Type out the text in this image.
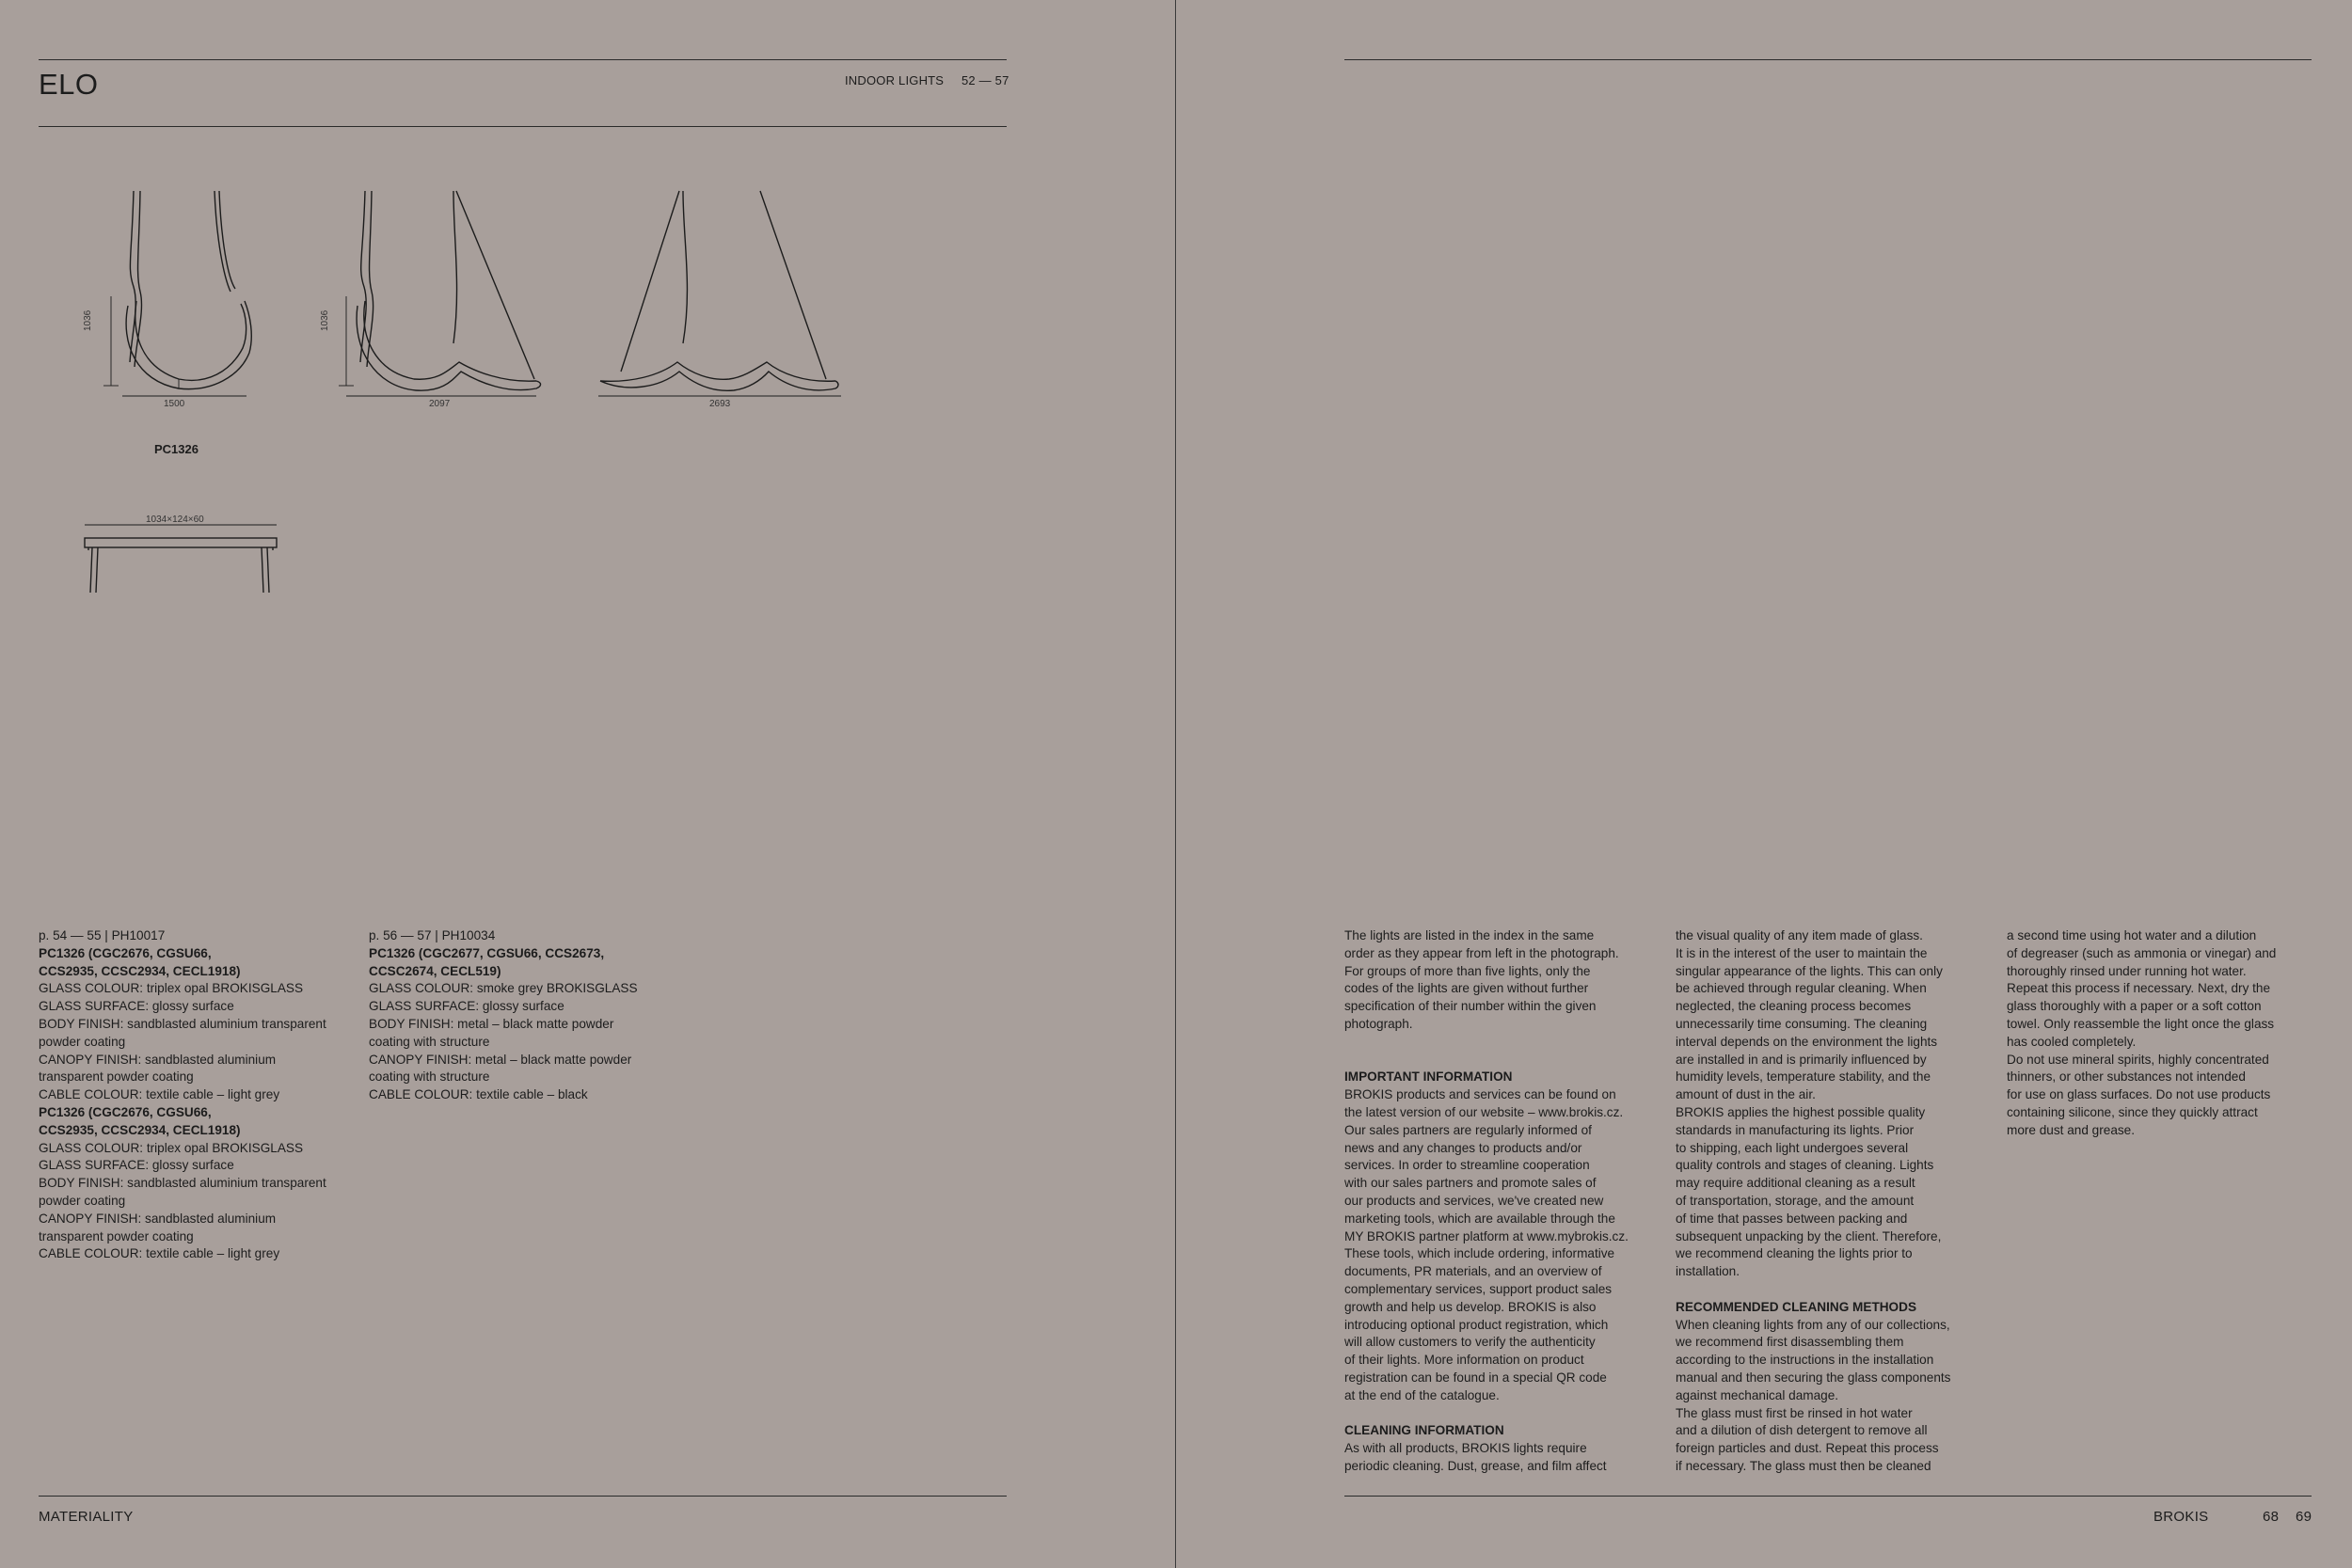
ELO	INDOOR LIGHTS 52 — 57
1036
1500
1036
2097	2693
PC1326
1034×124×60
p. 54 — 55 | PH10017
PC1326 (CGC2676, CGSU66,
CCS2935, CCSC2934, CECL1918)
GLASS COLOUR: triplex opal BROKISGLASS
GLASS SURFACE: glossy surface
BODY FINISH: sandblasted aluminium transparent
powder coating
CANOPY FINISH: sandblasted aluminium
transparent powder coating
CABLE COLOUR: textile cable – light grey
PC1326 (CGC2676, CGSU66,
CCS2935, CCSC2934, CECL1918)
GLASS COLOUR: triplex opal BROKISGLASS
GLASS SURFACE: glossy surface
BODY FINISH: sandblasted aluminium transparent
powder coating
CANOPY FINISH: sandblasted aluminium
transparent powder coating
CABLE COLOUR: textile cable – light grey
p. 56 — 57 | PH10034
PC1326 (CGC2677, CGSU66, CCS2673,
CCSC2674, CECL519)
GLASS COLOUR: smoke grey BROKISGLASS
GLASS SURFACE: glossy surface
BODY FINISH: metal – black matte powder
coating with structure
CANOPY FINISH: metal – black matte powder
coating with structure
CABLE COLOUR: textile cable – black
MATERIALITY
The lights are listed in the index in the same
order as they appear from left in the photograph.
For groups of more than five lights, only the
codes of the lights are given without further
specification of their number within the given
photograph.

IMPORTANT INFORMATION
BROKIS products and services can be found on
the latest version of our website – www.brokis.cz.
Our sales partners are regularly informed of
news and any changes to products and/or
services. In order to streamline cooperation
with our sales partners and promote sales of
our products and services, we've created new
marketing tools, which are available through the
MY BROKIS partner platform at www.mybrokis.cz.
These tools, which include ordering, informative
documents, PR materials, and an overview of
complementary services, support product sales
growth and help us develop. BROKIS is also
introducing optional product registration, which
will allow customers to verify the authenticity
of their lights. More information on product
registration can be found in a special QR code
at the end of the catalogue.

CLEANING INFORMATION
As with all products, BROKIS lights require
periodic cleaning. Dust, grease, and film affect
the visual quality of any item made of glass.
It is in the interest of the user to maintain the
singular appearance of the lights. This can only
be achieved through regular cleaning. When
neglected, the cleaning process becomes
unnecessarily time consuming. The cleaning
interval depends on the environment the lights
are installed in and is primarily influenced by
humidity levels, temperature stability, and the
amount of dust in the air.
BROKIS applies the highest possible quality
standards in manufacturing its lights. Prior
to shipping, each light undergoes several
quality controls and stages of cleaning. Lights
may require additional cleaning as a result
of transportation, storage, and the amount
of time that passes between packing and
subsequent unpacking by the client. Therefore,
we recommend cleaning the lights prior to
installation.

RECOMMENDED CLEANING METHODS
When cleaning lights from any of our collections,
we recommend first disassembling them
according to the instructions in the installation
manual and then securing the glass components
against mechanical damage.
The glass must first be rinsed in hot water
and a dilution of dish detergent to remove all
foreign particles and dust. Repeat this process
if necessary. The glass must then be cleaned
a second time using hot water and a dilution
of degreaser (such as ammonia or vinegar) and
thoroughly rinsed under running hot water.
Repeat this process if necessary. Next, dry the
glass thoroughly with a paper or a soft cotton
towel. Only reassemble the light once the glass
has cooled completely.
Do not use mineral spirits, highly concentrated
thinners, or other substances not intended
for use on glass surfaces. Do not use products
containing silicone, since they quickly attract
more dust and grease.
BROKIS	68 69
